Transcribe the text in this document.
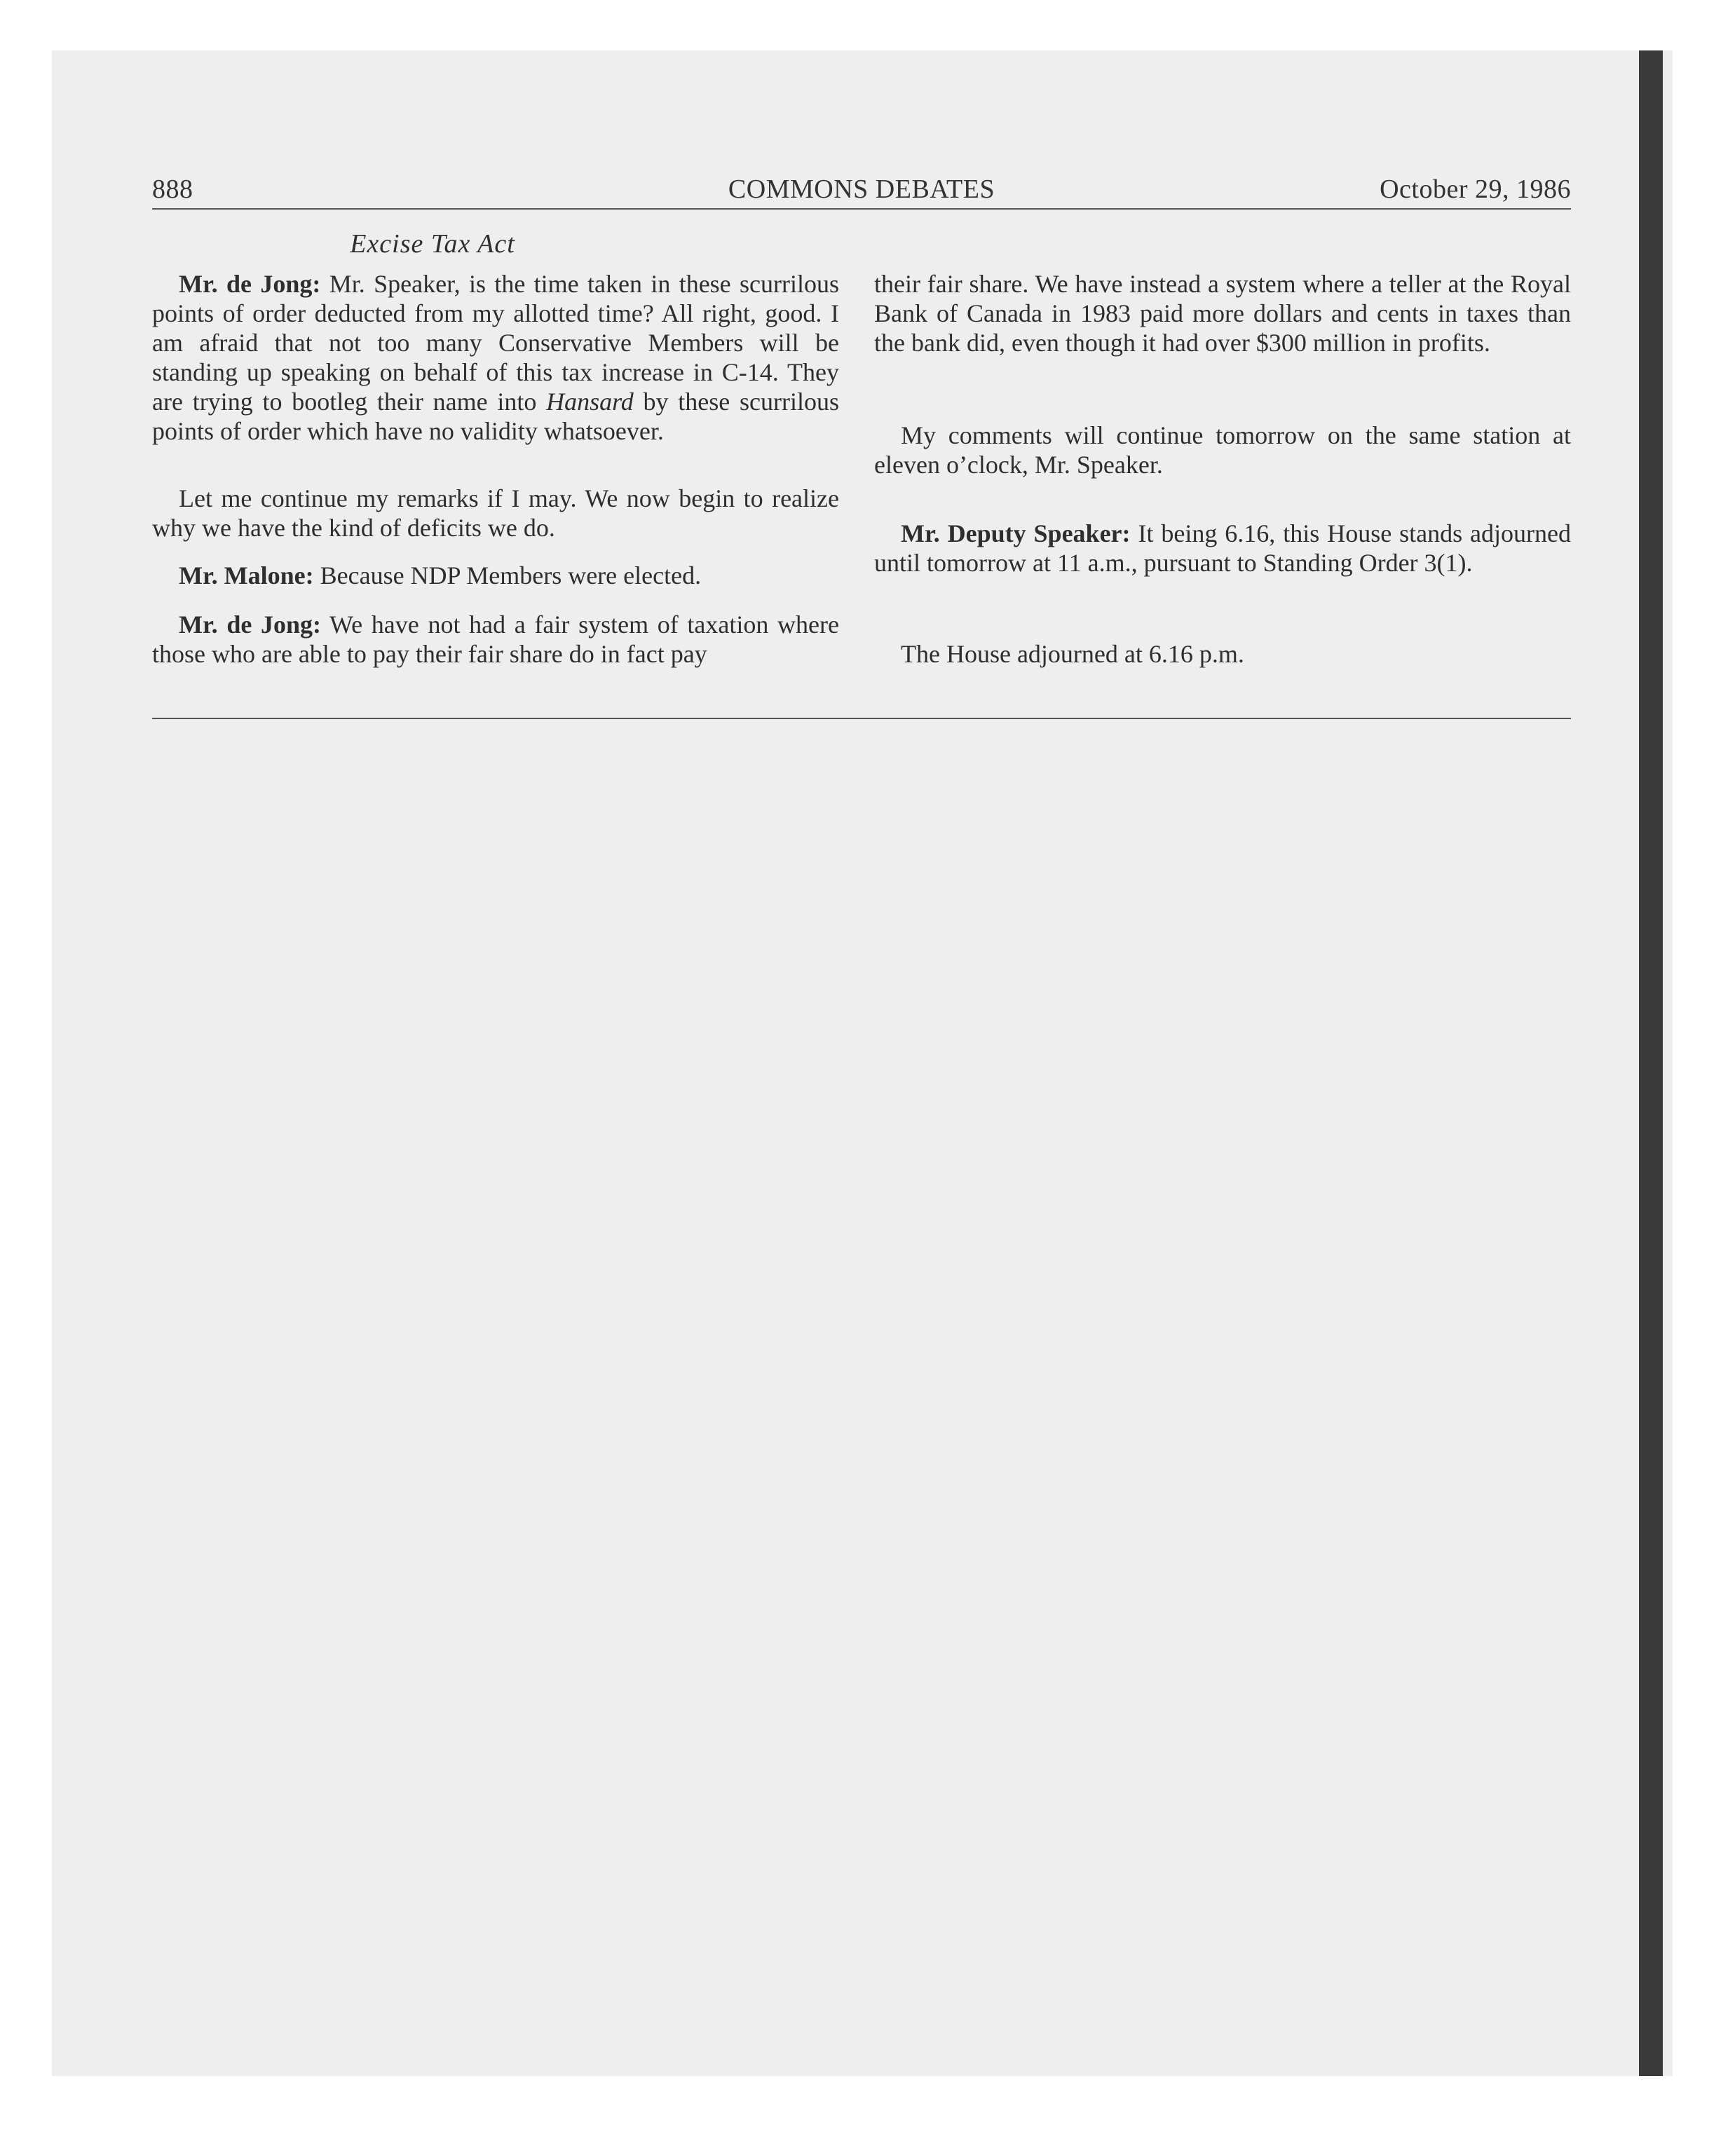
888	COMMONS DEBATES	October 29, 1986

Excise Tax Act

Mr. de Jong: Mr. Speaker, is the time taken in these scurrilous points of order deducted from my allotted time? All right, good. I am afraid that not too many Conservative Members will be standing up speaking on behalf of this tax increase in C-14. They are trying to bootleg their name into Hansard by these scurrilous points of order which have no validity whatsoever.

Let me continue my remarks if I may. We now begin to realize why we have the kind of deficits we do.

Mr. Malone: Because NDP Members were elected.

Mr. de Jong: We have not had a fair system of taxation where those who are able to pay their fair share do in fact pay

their fair share. We have instead a system where a teller at the Royal Bank of Canada in 1983 paid more dollars and cents in taxes than the bank did, even though it had over $300 million in profits.

My comments will continue tomorrow on the same station at eleven o’clock, Mr. Speaker.

Mr. Deputy Speaker: It being 6.16, this House stands adjourned until tomorrow at 11 a.m., pursuant to Standing Order 3(1).

The House adjourned at 6.16 p.m.
